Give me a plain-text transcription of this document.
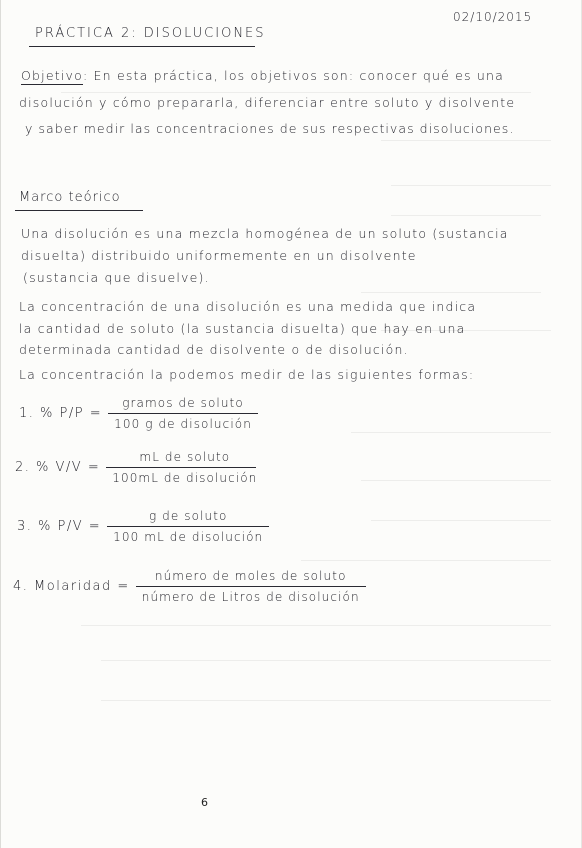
PRÁCTICA 2: DISOLUCIONES
02/10/2015
Objetivo: En esta práctica, los objetivos son: conocer qué es una
disolución y cómo prepararla, diferenciar entre soluto y disolvente
y saber medir las concentraciones de sus respectivas disoluciones.
Marco teórico
Una disolución es una mezcla homogénea de un soluto (sustancia
disuelta) distribuido uniformemente en un disolvente
(sustancia que disuelve).
La concentración de una disolución es una medida que indica
la cantidad de soluto (la sustancia disuelta) que hay en una
determinada cantidad de disolvente o de disolución.
La concentración la podemos medir de las siguientes formas:
1. % $P/P = \frac{\text{gramos de soluto}}{\text{100 g de disolución}}$
2. % $V/V = \frac{\text{mL de soluto}}{\text{100mL de disolución}}$
3. % $P/V = \frac{\text{g de soluto}}{\text{100 mL de disolución}}$
4. Molaridad = $\frac{\text{número de moles de soluto}}{\text{número de Litros de disolución}}$
6
